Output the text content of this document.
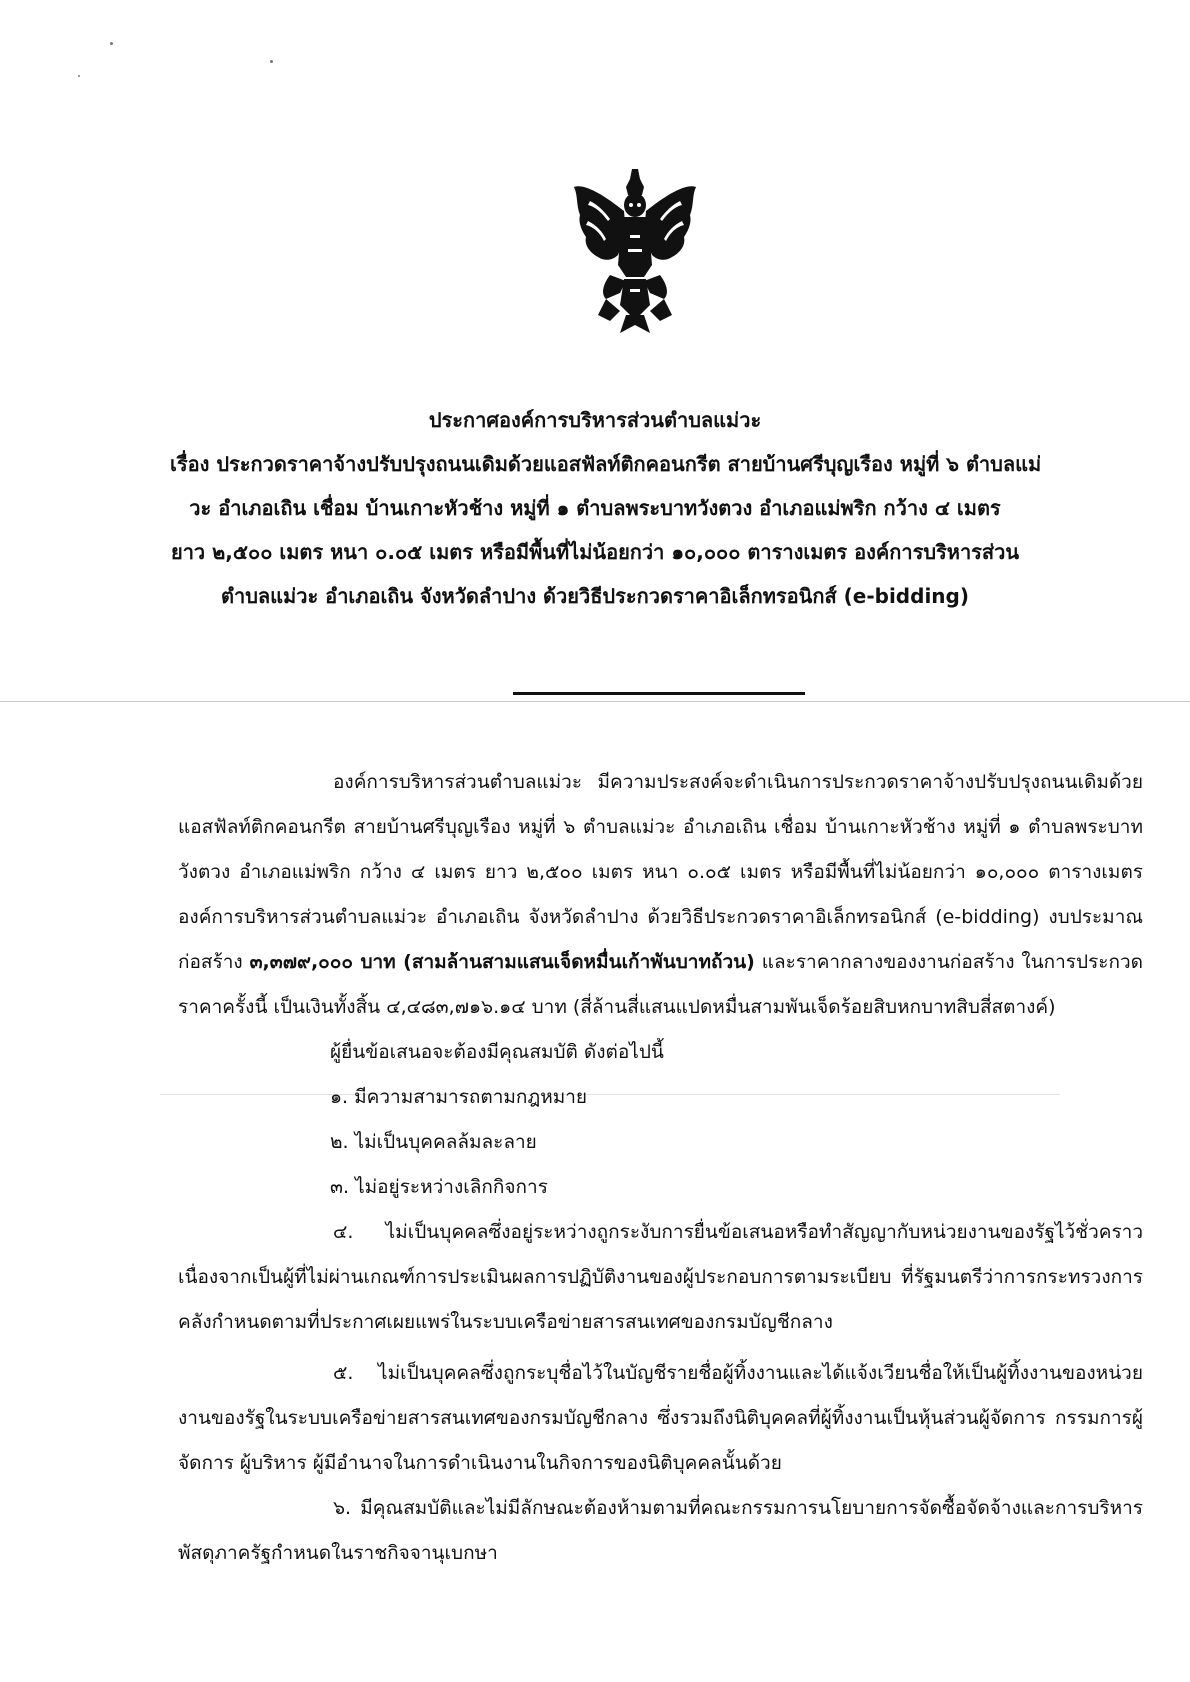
ประกาศองค์การบริหารส่วนตำบลแม่วะ
เรื่อง ประกวดราคาจ้างปรับปรุงถนนเดิมด้วยแอสฟัลท์ติกคอนกรีต สายบ้านศรีบุญเรือง หมู่ที่ ๖ ตำบลแม่
วะ อำเภอเถิน เชื่อม บ้านเกาะหัวช้าง หมู่ที่ ๑ ตำบลพระบาทวังตวง อำเภอแม่พริก กว้าง ๔ เมตร
ยาว ๒,๕๐๐ เมตร หนา ๐.๐๕ เมตร หรือมีพื้นที่ไม่น้อยกว่า ๑๐,๐๐๐ ตารางเมตร องค์การบริหารส่วน
ตำบลแม่วะ อำเภอเถิน จังหวัดลำปาง ด้วยวิธีประกวดราคาอิเล็กทรอนิกส์ (e-bidding)

องค์การบริหารส่วนตำบลแม่วะ มีความประสงค์จะดำเนินการประกวดราคาจ้างปรับปรุงถนนเดิมด้วยแอสฟัลท์ติกคอนกรีต สายบ้านศรีบุญเรือง หมู่ที่ ๖ ตำบลแม่วะ อำเภอเถิน เชื่อม บ้านเกาะหัวช้าง หมู่ที่ ๑ ตำบลพระบาทวังตวง อำเภอแม่พริก กว้าง ๔ เมตร ยาว ๒,๕๐๐ เมตร หนา ๐.๐๕ เมตร หรือมีพื้นที่ไม่น้อยกว่า ๑๐,๐๐๐ ตารางเมตร องค์การบริหารส่วนตำบลแม่วะ อำเภอเถิน จังหวัดลำปาง ด้วยวิธีประกวดราคาอิเล็กทรอนิกส์ (e-bidding) งบประมาณก่อสร้าง ๓,๓๗๙,๐๐๐ บาท (สามล้านสามแสนเจ็ดหมื่นเก้าพันบาทถ้วน) และราคากลางของงานก่อสร้าง ในการประกวดราคาครั้งนี้ เป็นเงินทั้งสิ้น ๔,๔๘๓,๗๑๖.๑๔ บาท (สี่ล้านสี่แสนแปดหมื่นสามพันเจ็ดร้อยสิบหกบาทสิบสี่สตางค์)

ผู้ยื่นข้อเสนอจะต้องมีคุณสมบัติ ดังต่อไปนี้

๑. มีความสามารถตามกฎหมาย

๒. ไม่เป็นบุคคลล้มละลาย

๓. ไม่อยู่ระหว่างเลิกกิจการ

๔. ไม่เป็นบุคคลซึ่งอยู่ระหว่างถูกระงับการยื่นข้อเสนอหรือทำสัญญากับหน่วยงานของรัฐไว้ชั่วคราว เนื่องจากเป็นผู้ที่ไม่ผ่านเกณฑ์การประเมินผลการปฏิบัติงานของผู้ประกอบการตามระเบียบ ที่รัฐมนตรีว่าการกระทรวงการคลังกำหนดตามที่ประกาศเผยแพร่ในระบบเครือข่ายสารสนเทศของกรมบัญชีกลาง

๕. ไม่เป็นบุคคลซึ่งถูกระบุชื่อไว้ในบัญชีรายชื่อผู้ทิ้งงานและได้แจ้งเวียนชื่อให้เป็นผู้ทิ้งงานของหน่วยงานของรัฐในระบบเครือข่ายสารสนเทศของกรมบัญชีกลาง ซึ่งรวมถึงนิติบุคคลที่ผู้ทิ้งงานเป็นหุ้นส่วนผู้จัดการ กรรมการผู้จัดการ ผู้บริหาร ผู้มีอำนาจในการดำเนินงานในกิจการของนิติบุคคลนั้นด้วย

๖. มีคุณสมบัติและไม่มีลักษณะต้องห้ามตามที่คณะกรรมการนโยบายการจัดซื้อจัดจ้างและการบริหารพัสดุภาครัฐกำหนดในราชกิจจานุเบกษา
